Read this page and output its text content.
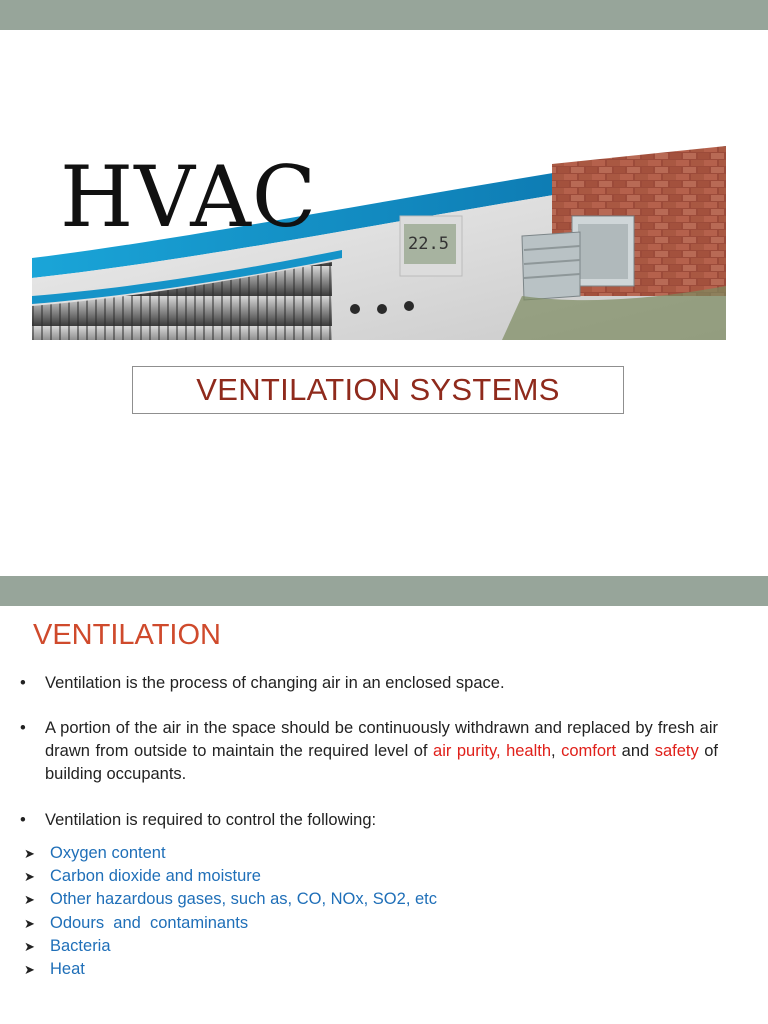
22.5
HVAC
VENTILATION SYSTEMS
VENTILATION
• Ventilation is the process of changing air in an enclosed space.
• A portion of the air in the space should be continuously withdrawn and replaced by fresh air drawn from outside to maintain the required level of air purity, health, comfort and safety of building occupants.
• Ventilation is required to control the following:
➤ Oxygen content
➤ Carbon dioxide and moisture
➤ Other hazardous gases, such as, CO, NOx, SO2, etc
➤ Odours  and  contaminants
➤ Bacteria
➤ Heat
